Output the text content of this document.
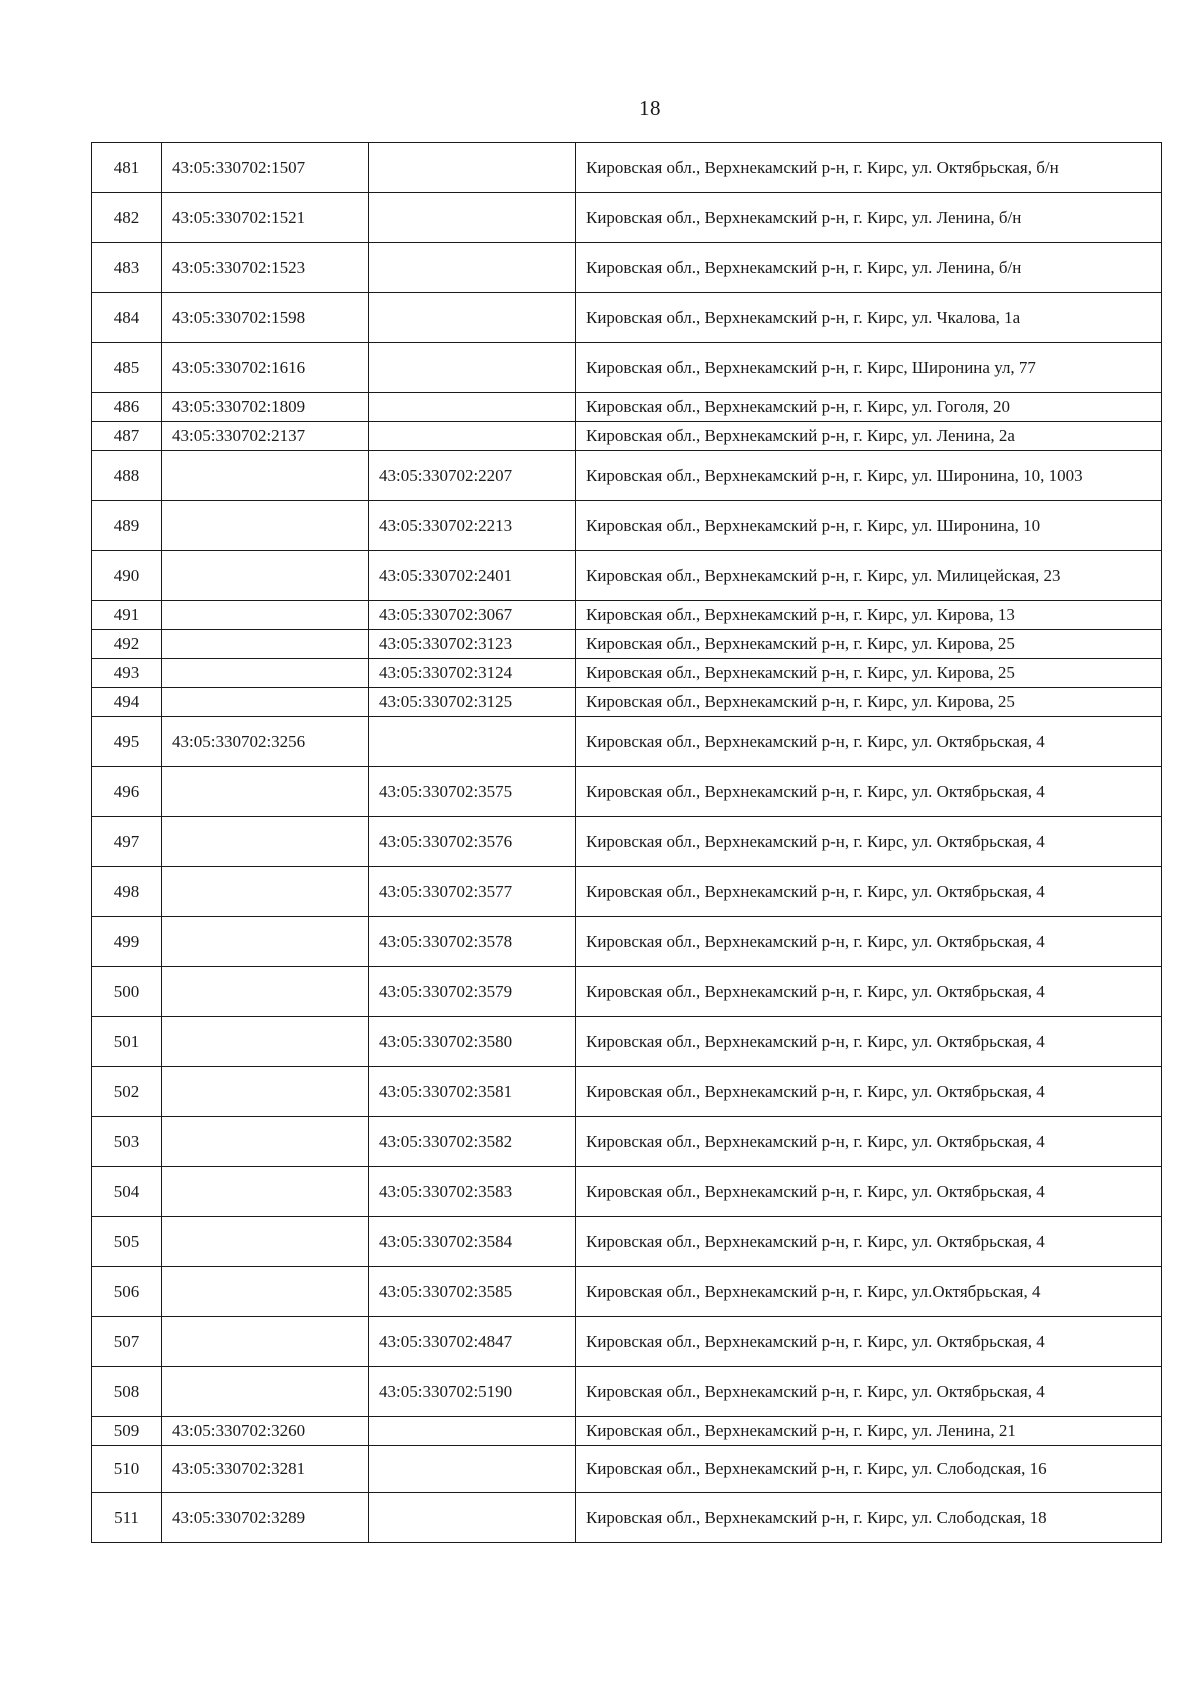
18
481	43:05:330702:1507		Кировская обл., Верхнекамский р-н, г. Кирс, ул. Октябрьская, б/н
482	43:05:330702:1521		Кировская обл., Верхнекамский р-н, г. Кирс, ул. Ленина, б/н
483	43:05:330702:1523		Кировская обл., Верхнекамский р-н, г. Кирс, ул. Ленина, б/н
484	43:05:330702:1598		Кировская обл., Верхнекамский р-н, г. Кирс, ул. Чкалова, 1а
485	43:05:330702:1616		Кировская обл., Верхнекамский р-н, г. Кирс, Широнина ул, 77
486	43:05:330702:1809		Кировская обл., Верхнекамский р-н, г. Кирс, ул. Гоголя, 20
487	43:05:330702:2137		Кировская обл., Верхнекамский р-н, г. Кирс, ул. Ленина, 2а
488		43:05:330702:2207	Кировская обл., Верхнекамский р-н, г. Кирс, ул. Широнина, 10, 1003
489		43:05:330702:2213	Кировская обл., Верхнекамский р-н, г. Кирс, ул. Широнина, 10
490		43:05:330702:2401	Кировская обл., Верхнекамский р-н, г. Кирс, ул. Милицейская, 23
491		43:05:330702:3067	Кировская обл., Верхнекамский р-н, г. Кирс, ул. Кирова, 13
492		43:05:330702:3123	Кировская обл., Верхнекамский р-н, г. Кирс, ул. Кирова, 25
493		43:05:330702:3124	Кировская обл., Верхнекамский р-н, г. Кирс, ул. Кирова, 25
494		43:05:330702:3125	Кировская обл., Верхнекамский р-н, г. Кирс, ул. Кирова, 25
495	43:05:330702:3256		Кировская обл., Верхнекамский р-н, г. Кирс, ул. Октябрьская, 4
496		43:05:330702:3575	Кировская обл., Верхнекамский р-н, г. Кирс, ул. Октябрьская, 4
497		43:05:330702:3576	Кировская обл., Верхнекамский р-н, г. Кирс, ул. Октябрьская, 4
498		43:05:330702:3577	Кировская обл., Верхнекамский р-н, г. Кирс, ул. Октябрьская, 4
499		43:05:330702:3578	Кировская обл., Верхнекамский р-н, г. Кирс, ул. Октябрьская, 4
500		43:05:330702:3579	Кировская обл., Верхнекамский р-н, г. Кирс, ул. Октябрьская, 4
501		43:05:330702:3580	Кировская обл., Верхнекамский р-н, г. Кирс, ул. Октябрьская, 4
502		43:05:330702:3581	Кировская обл., Верхнекамский р-н, г. Кирс, ул. Октябрьская, 4
503		43:05:330702:3582	Кировская обл., Верхнекамский р-н, г. Кирс, ул. Октябрьская, 4
504		43:05:330702:3583	Кировская обл., Верхнекамский р-н, г. Кирс, ул. Октябрьская, 4
505		43:05:330702:3584	Кировская обл., Верхнекамский р-н, г. Кирс, ул. Октябрьская, 4
506		43:05:330702:3585	Кировская обл., Верхнекамский р-н, г. Кирс, ул.Октябрьская, 4
507		43:05:330702:4847	Кировская обл., Верхнекамский р-н, г. Кирс, ул. Октябрьская, 4
508		43:05:330702:5190	Кировская обл., Верхнекамский р-н, г. Кирс, ул. Октябрьская, 4
509	43:05:330702:3260		Кировская обл., Верхнекамский р-н, г. Кирс, ул. Ленина, 21
510	43:05:330702:3281		Кировская обл., Верхнекамский р-н, г. Кирс, ул. Слободская, 16
511	43:05:330702:3289		Кировская обл., Верхнекамский р-н, г. Кирс, ул. Слободская, 18
